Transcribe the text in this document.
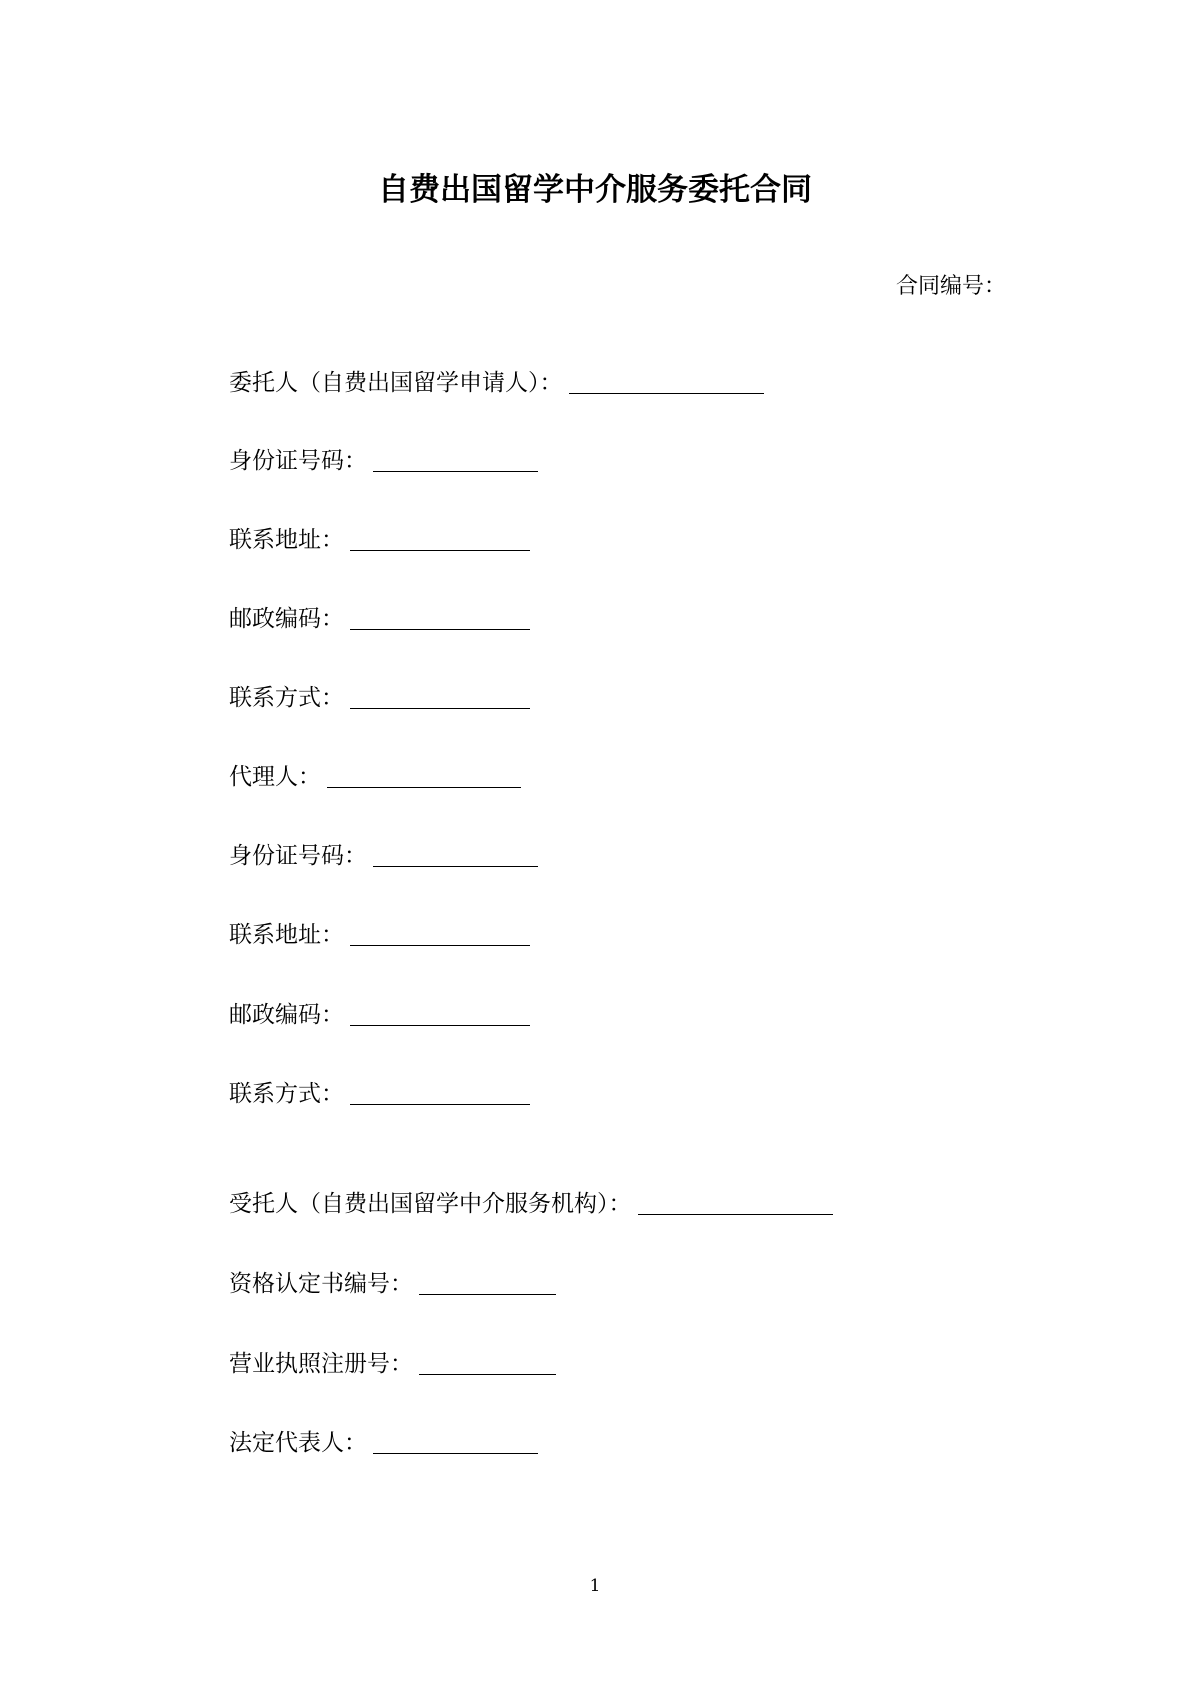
自费出国留学中介服务委托合同
合同编号：
委托人（自费出国留学申请人）：
身份证号码：
联系地址：
邮政编码：
联系方式：
代理人：
身份证号码：
联系地址：
邮政编码：
联系方式：
受托人（自费出国留学中介服务机构）：
资格认定书编号：
营业执照注册号：
法定代表人：
1
